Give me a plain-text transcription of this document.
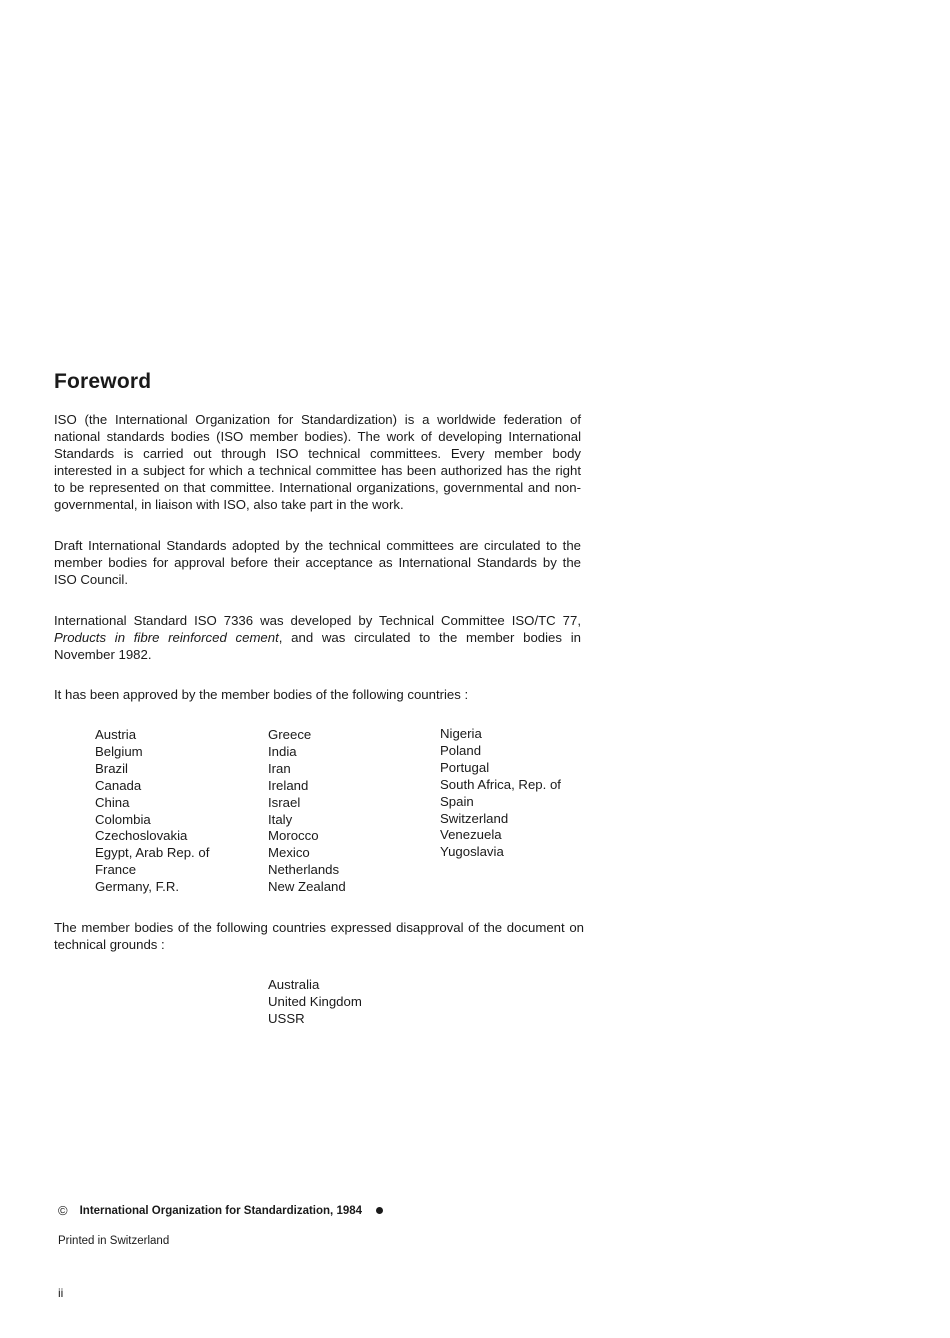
Foreword

ISO (the International Organization for Standardization) is a worldwide federation of national standards bodies (ISO member bodies). The work of developing International Standards is carried out through ISO technical committees. Every member body interested in a subject for which a technical committee has been authorized has the right to be represented on that committee. International organizations, governmental and non-governmental, in liaison with ISO, also take part in the work.

Draft International Standards adopted by the technical committees are circulated to the member bodies for approval before their acceptance as International Standards by the ISO Council.

International Standard ISO 7336 was developed by Technical Committee ISO/TC 77, Products in fibre reinforced cement, and was circulated to the member bodies in November 1982.

It has been approved by the member bodies of the following countries :

Austria
Belgium
Brazil
Canada
China
Colombia
Czechoslovakia
Egypt, Arab Rep. of
France
Germany, F.R.
Greece
India
Iran
Ireland
Israel
Italy
Morocco
Mexico
Netherlands
New Zealand
Nigeria
Poland
Portugal
South Africa, Rep. of
Spain
Switzerland
Venezuela
Yugoslavia

The member bodies of the following countries expressed disapproval of the document on technical grounds :

Australia
United Kingdom
USSR
© International Organization for Standardization, 1984
Printed in Switzerland
ii
